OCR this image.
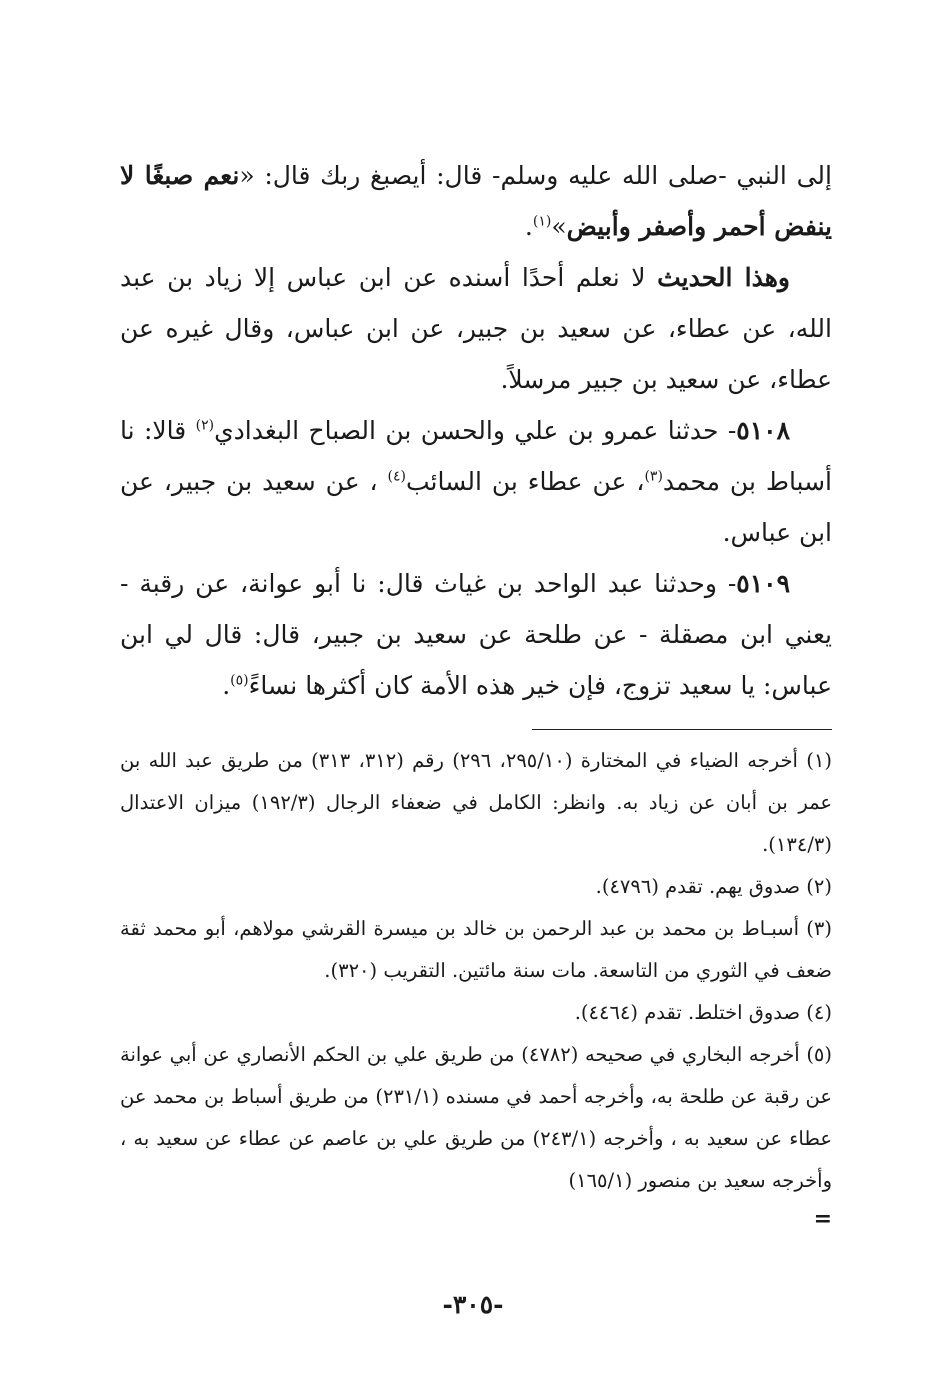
إلى النبي -صلى الله عليه وسلم- قال: أيصبغ ربك قال: «نعم صبغًا لا ينفض أحمر وأصفر وأبيض»$^{(١)}$.

وهذا الحديث لا نعلم أحدًا أسنده عن ابن عباس إلا زياد بن عبد الله، عن عطاء، عن سعيد بن جبير، عن ابن عباس، وقال غيره عن عطاء، عن سعيد بن جبير مرسلاً.

٥١٠٨- حدثنا عمرو بن علي والحسن بن الصباح البغدادي$^{(٢)}$ قالا: نا أسباط بن محمد$^{(٣)}$، عن عطاء بن السائب$^{(٤)}$ ، عن سعيد بن جبير، عن ابن عباس.

٥١٠٩- وحدثنا عبد الواحد بن غياث قال: نا أبو عوانة، عن رقبة - يعني ابن مصقلة - عن طلحة عن سعيد بن جبير، قال: قال لي ابن عباس: يا سعيد تزوج، فإن خير هذه الأمة كان أكثرها نساءً$^{(٥)}$.

(١) أخرجه الضياء في المختارة (٢٩٥/١٠، ٢٩٦) رقم (٣١٢، ٣١٣) من طريق عبد الله بن عمر بن أبان عن زياد به. وانظر: الكامل في ضعفاء الرجال (١٩٢/٣) ميزان الاعتدال (١٣٤/٣).

(٢) صدوق يهم. تقدم (٤٧٩٦).

(٣) أسبـاط بن محمد بن عبد الرحمن بن خالد بن ميسرة القرشي مولاهم، أبو محمد ثقة ضعف في الثوري من التاسعة. مات سنة مائتين. التقريب (٣٢٠).

(٤) صدوق اختلط. تقدم (٤٤٦٤).

(٥) أخرجه البخاري في صحيحه (٤٧٨٢) من طريق علي بن الحكم الأنصاري عن أبي عوانة عن رقبة عن طلحة به، وأخرجه أحمد في مسنده (٢٣١/١) من طريق أسباط بن محمد عن عطاء عن سعيد به ، وأخرجه (٢٤٣/١) من طريق علي بن عاصم عن عطاء عن سعيد به ، وأخرجه سعيد بن منصور (١٦٥/١)

=
-٣٠٥-
